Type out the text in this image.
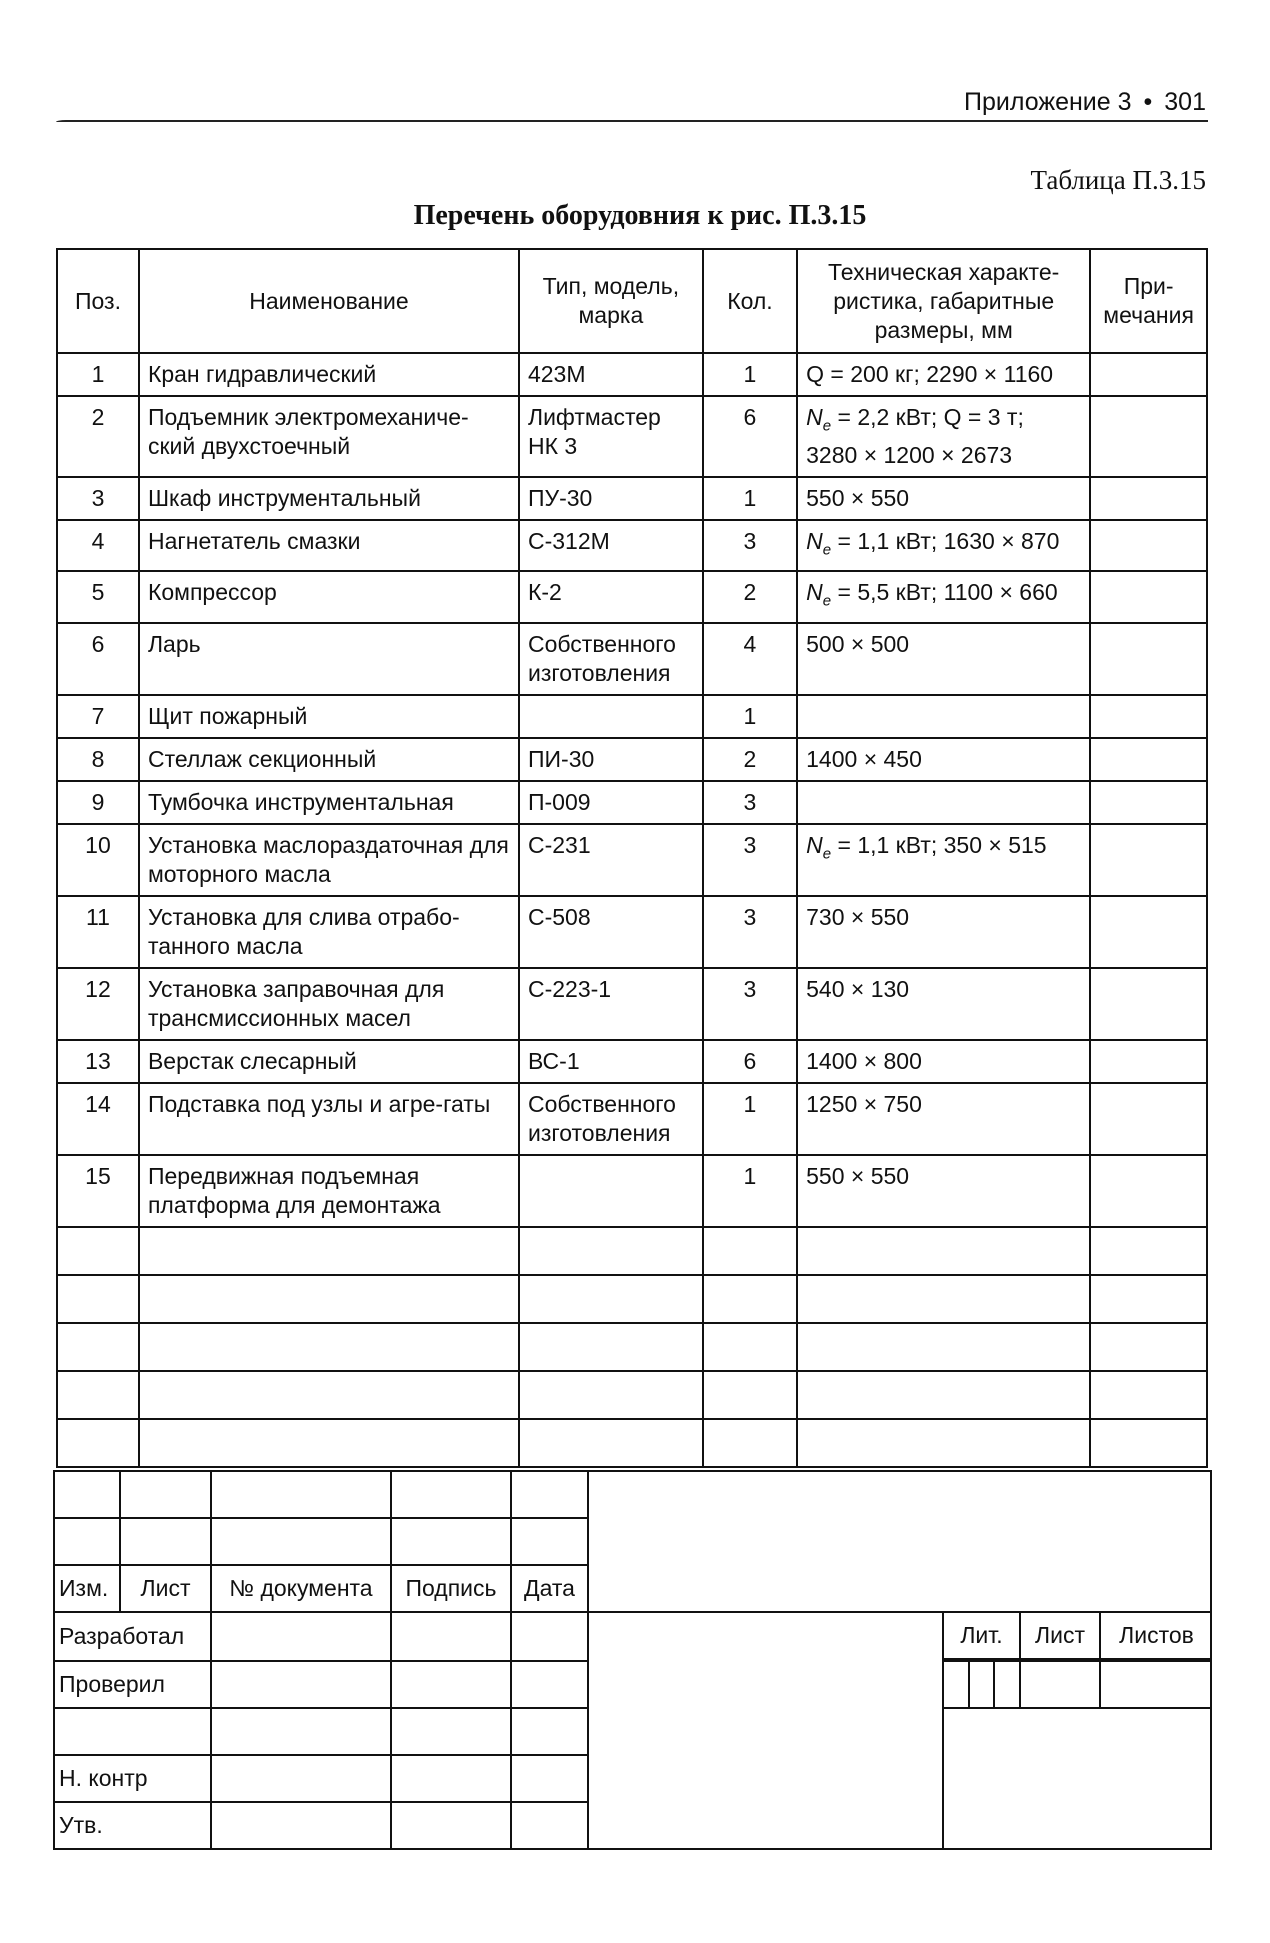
Приложение 3 • 301
Таблица П.3.15
Перечень оборудовния к рис. П.3.15
Поз.	Наименование	Тип, модель, марка	Кол.	Техническая характе-ристика, габаритные размеры, мм	При-мечания
1	Кран гидравлический	423М	1	Q = 200 кг; 2290 × 1160	
2	Подъемник электромеханиче-ский двухстоечный	Лифтмастер НК 3	6	$N_e = 2,2$ кВт; Q = 3 т; 3280 × 1200 × 2673	
3	Шкаф инструментальный	ПУ-30	1	550 × 550	
4	Нагнетатель смазки	С-312М	3	$N_e = 1,1$ кВт; 1630 × 870	
5	Компрессор	К-2	2	$N_e = 5,5$ кВт; 1100 × 660	
6	Ларь	Собственного изготовления	4	500 × 500	
7	Щит пожарный		1		
8	Стеллаж секционный	ПИ-30	2	1400 × 450	
9	Тумбочка инструментальная	П-009	3		
10	Установка маслораздаточная для моторного масла	С-231	3	$N_e = 1,1$ кВт; 350 × 515	
11	Установка для слива отрабо-танного масла	С-508	3	730 × 550	
12	Установка заправочная для трансмиссионных масел	С-223-1	3	540 × 130	
13	Верстак слесарный	ВС-1	6	1400 × 800	
14	Подставка под узлы и агре-гаты	Собственного изготовления	1	1250 × 750	
15	Передвижная подъемная платформа для демонтажа		1	550 × 550	

Изм.	Лист	№ документа	Подпись	Дата
Разработал						Лит.	Лист	Листов

Проверил				

Н. контр			
Утв.			
